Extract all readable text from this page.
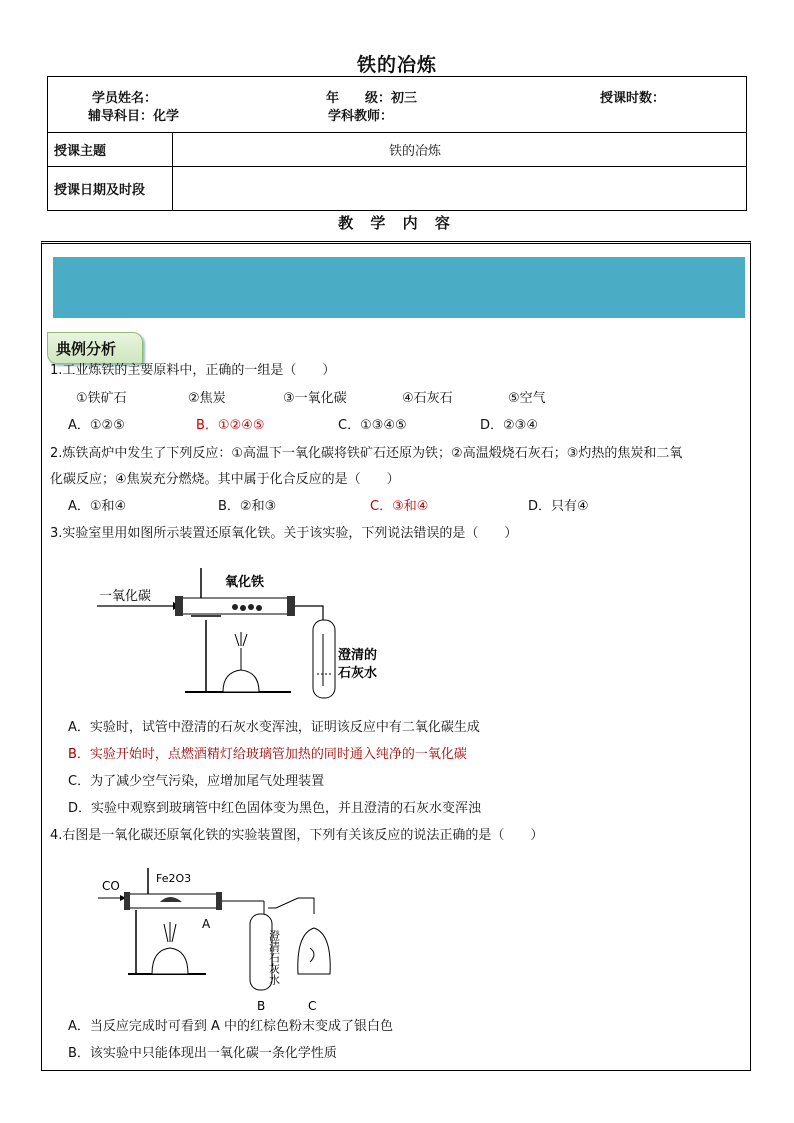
铁的冶炼
学员姓名： 年　　级：初三 授课时数：
辅导科目：化学 学科教师：	

授课主题	铁的冶炼
授课日期及时段	
教 学 内 容
典例分析
1.工业炼铁的主要原料中，正确的一组是（　　）
①铁矿石	②焦炭	③一氧化碳	④石灰石	⑤空气
A．①②⑤	B．①②④⑤	C．①③④⑤	D．②③④
2.炼铁高炉中发生了下列反应：①高温下一氧化碳将铁矿石还原为铁；②高温煅烧石灰石；③灼热的焦炭和二氧
化碳反应；④焦炭充分燃烧。其中属于化合反应的是（　　）
A．①和④	B．②和③	C．③和④	D．只有④
3.实验室里用如图所示装置还原氧化铁。关于该实验，下列说法错误的是（　　）
一氧化碳
氧化铁
澄清的
石灰水
A．实验时，试管中澄清的石灰水变浑浊，证明该反应中有二氧化碳生成
B．实验开始时，点燃酒精灯给玻璃管加热的同时通入纯净的一氧化碳
C．为了减少空气污染，应增加尾气处理装置
D．实验中观察到玻璃管中红色固体变为黑色，并且澄清的石灰水变浑浊
4.右图是一氧化碳还原氧化铁的实验装置图，下列有关该反应的说法正确的是（　　）
CO
Fe2O3
A
澄清石灰水
B	C
A．当反应完成时可看到 A 中的红棕色粉末变成了银白色
B．该实验中只能体现出一氧化碳一条化学性质
